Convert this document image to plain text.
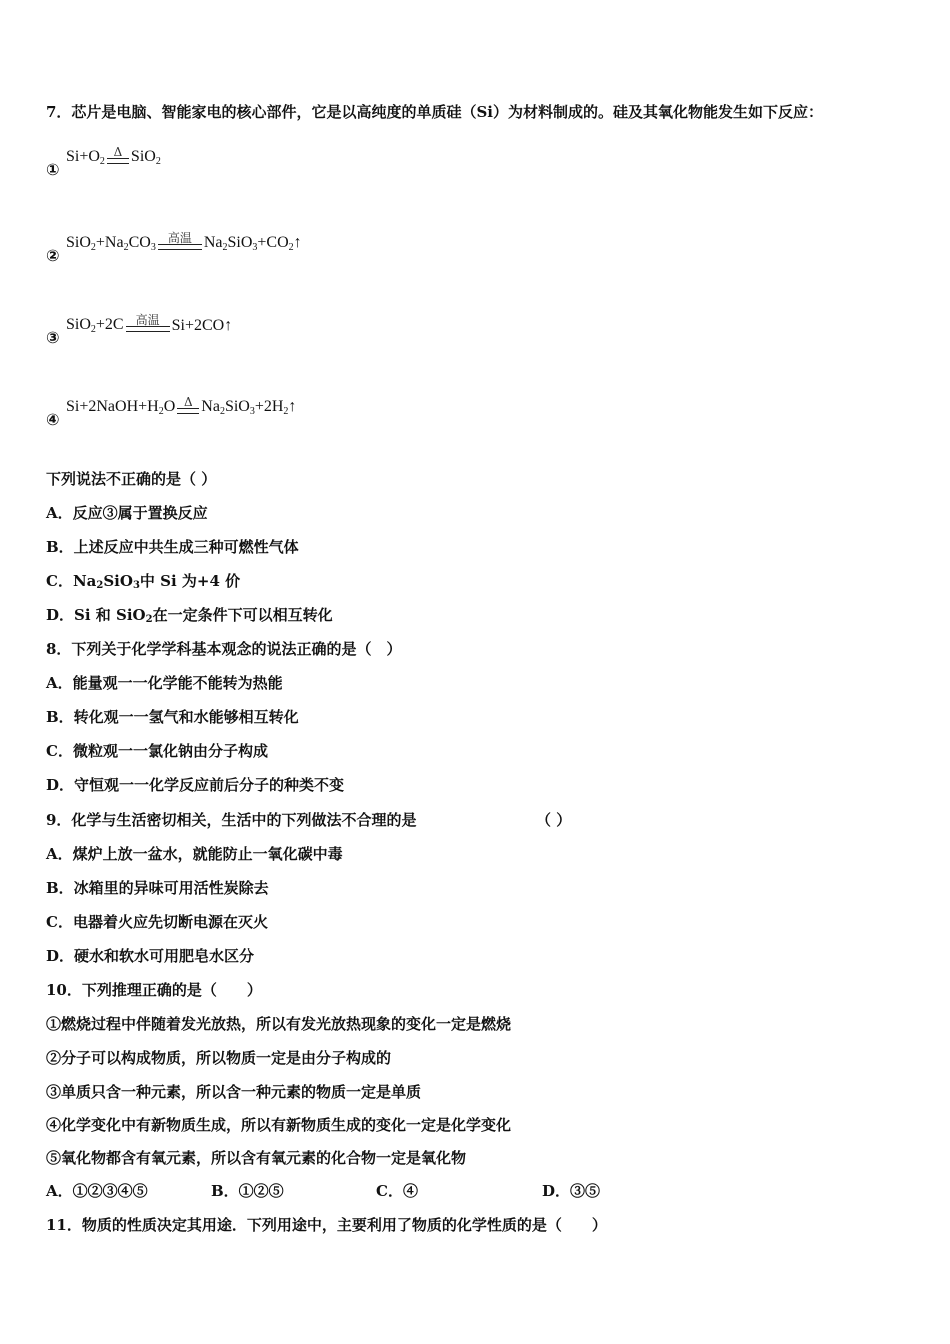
7．芯片是电脑、智能家电的核心部件，它是以高纯度的单质硅（Si）为材料制成的。硅及其氧化物能发生如下反应：
①
$Si+O_2$
Δ SiO$_2$
②
$SiO_2+Na_2CO_3$
高温 $Na_2SiO_3+CO_2↑$
③
SiO$_2$+2C 高温 Si+2CO↑
④
$Si+2NaOH+H_2O$ Δ $Na_2SiO_3+2H_2↑$
下列说法不正确的是（ ）
A．反应③属于置换反应
B．上述反应中共生成三种可燃性气体
C．$Na_2SiO_3$中 Si 为+4 价
D．Si 和 SiO$_2$在一定条件下可以相互转化
8．下列关于化学学科基本观念的说法正确的是（　）
A．能量观一一化学能不能转为热能
B．转化观一一氢气和水能够相互转化
C．微粒观一一氯化钠由分子构成
D．守恒观一一化学反应前后分子的种类不变
9．化学与生活密切相关，生活中的下列做法不合理的是	（ ）
A．煤炉上放一盆水，就能防止一氧化碳中毒
B．冰箱里的异味可用活性炭除去
C．电器着火应先切断电源在灭火
D．硬水和软水可用肥皂水区分
10．下列推理正确的是（　　）
①燃烧过程中伴随着发光放热，所以有发光放热现象的变化一定是燃烧
②分子可以构成物质，所以物质一定是由分子构成的
③单质只含一种元素，所以含一种元素的物质一定是单质
④化学变化中有新物质生成，所以有新物质生成的变化一定是化学变化
⑤氧化物都含有氧元素，所以含有氧元素的化合物一定是氧化物
A．①②③④⑤	B．①②⑤	C．④	D．③⑤
11．物质的性质决定其用途．下列用途中，主要利用了物质的化学性质的是（　　）
